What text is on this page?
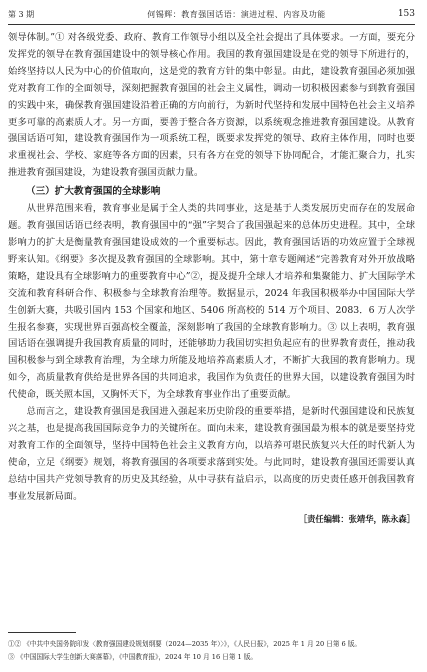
第 3 期	何锡辉：教育强国话语：演进过程、内容及功能	153

领导体制。”① 对各级党委、政府、教育工作领导小组以及全社会提出了具体要求。一方面，要充分发挥党的领导在教育强国建设中的领导核心作用。我国的教育强国建设是在党的领导下所进行的，始终坚持以人民为中心的价值取向，这是党的教育方针的集中彰显。由此，建设教育强国必须加强党对教育工作的全面领导，深刻把握教育强国的社会主义属性，调动一切积极因素参与到教育强国的实践中来，确保教育强国建设沿着正确的方向前行，为新时代坚持和发展中国特色社会主义培养更多可靠的高素质人才。另一方面，要善于整合各方资源，以系统观念推进教育强国建设。从教育强国话语可知，建设教育强国作为一项系统工程，既要求发挥党的领导、政府主体作用，同时也要求重视社会、学校、家庭等各方面的因素，只有各方在党的领导下协同配合，才能汇聚合力，扎实推进教育强国建设，为建设教育强国贡献力量。

（三）扩大教育强国的全球影响

从世界范围来看，教育事业是属于全人类的共同事业，这是基于人类发展历史而存在的发展命题。教育强国话语已经表明，教育强国中的“强”字契合了我国强起来的总体历史进程。其中，全球影响力的扩大是衡量教育强国建设成效的一个重要标志。因此，教育强国话语的功效应置于全球视野来认知。《纲要》多次提及教育强国的全球影响。其中，第十章专题阐述“完善教育对外开放战略策略，建设具有全球影响力的重要教育中心”②，提及提升全球人才培养和集聚能力、扩大国际学术交流和教育科研合作、积极参与全球教育治理等。数据显示，2024 年我国积极举办中国国际大学生创新大赛，共吸引国内 153 个国家和地区、5406 所高校的 514 万个项目、2083．6 万人次学生报名参赛，实现世界百强高校全覆盖，深刻影响了我国的全球教育影响力。③ 以上表明，教育强国话语在强调提升我国教育质量的同时，还能够助力我国切实担负起应有的世界教育责任，推动我国积极参与到全球教育治理，为全球力所能及地培养高素质人才，不断扩大我国的教育影响力。现如今，高质量教育供给是世界各国的共同追求，我国作为负责任的世界大国，以建设教育强国为时代使命，既关照本国，又胸怀天下，为全球教育事业作出了重要贡献。

总而言之，建设教育强国是我国进入强起来历史阶段的重要举措，是新时代强国建设和民族复兴之基，也是提高我国国际竞争力的关键所在。面向未来，建设教育强国最为根本的就是要坚持党对教育工作的全面领导，坚持中国特色社会主义教育方向，以培养可堪民族复兴大任的时代新人为使命，立足《纲要》规划，将教育强国的各项要求落到实处。与此同时，建设教育强国还需要认真总结中国共产党领导教育的历史及其经验，从中寻获有益启示，以高度的历史责任感开创我国教育事业发展新局面。

［责任编辑：张靖华，陈永森］
①② 《中共中央国务院印发〈教育强国建设规划纲要（2024—2035 年）〉》，《人民日报》，2025 年 1 月 20 日第 6 版。
③ 《中国国际大学生创新大赛落幕》，《中国教育报》，2024 年 10 月 16 日第 1 版。
